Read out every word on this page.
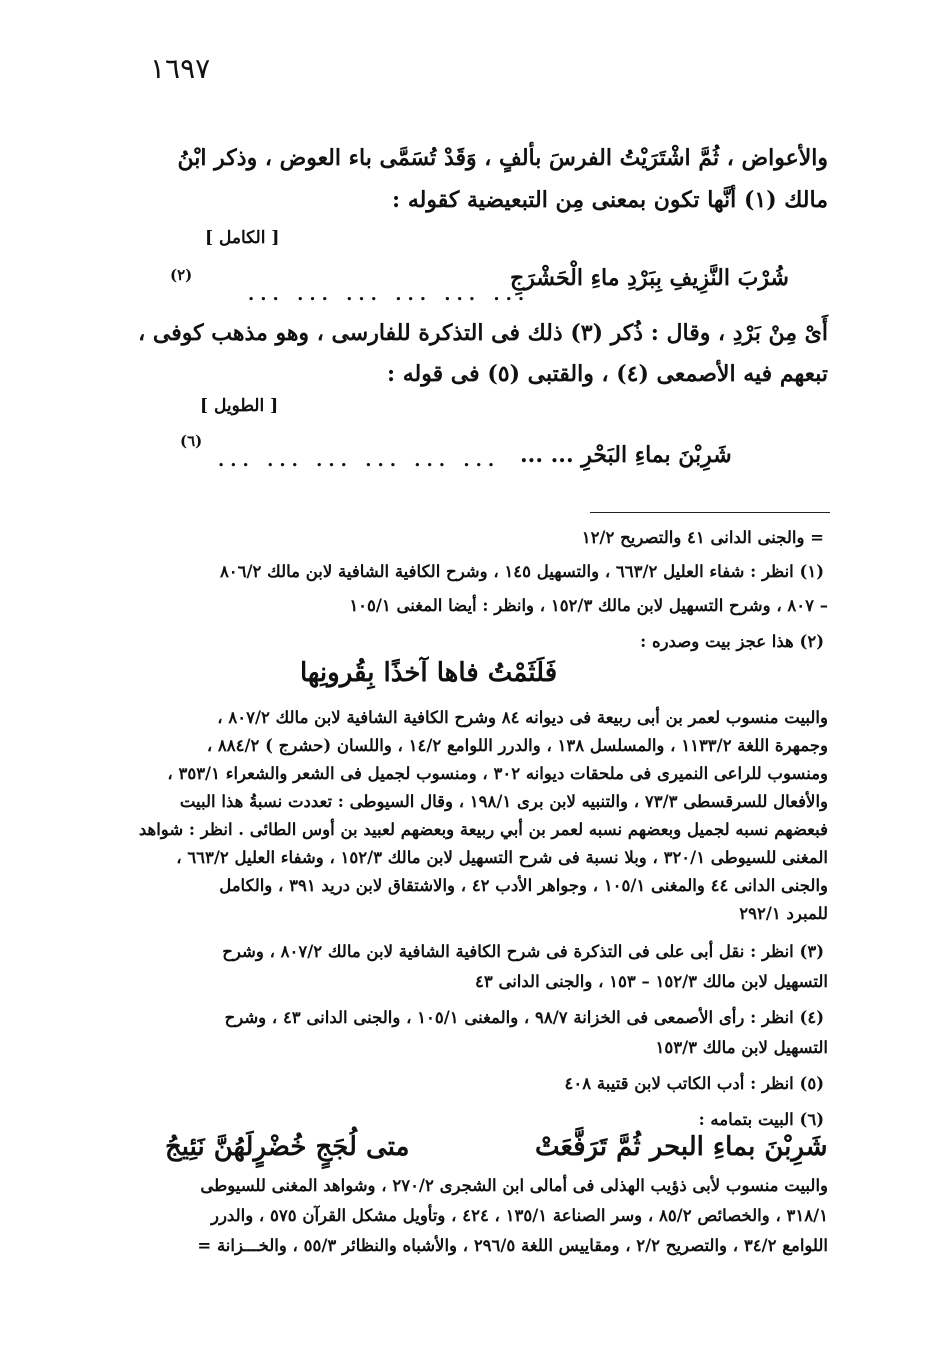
١٦٩٧
والأعواض ، ثُمَّ اشْتَرَيْتُ الفرسَ بألفٍ ، وَقَدْ تُسَمَّى باء العوض ، وذكر ابْنُ
مالك (١) أنَّها تكون بمعنى مِن التبعيضية كقوله :
[ الكامل ]
شُرْبَ النَّزِيفِ بِبَرْدِ ماءِ الْحَشْرَجِ
(٢)
... ... ... ... ... ...
أَىْ مِنْ بَرْدِ ، وقال : ذُكر (٣) ذلك فى التذكرة للفارسى ، وهو مذهب كوفى ،
تبعهم فيه الأصمعى (٤) ، والقتبى (٥) فى قوله :
[ الطويل ]
شَرِبْنَ بماءِ البَحْرِ ... ...
... ... ... ... ... ...
(٦)
= والجنى الدانى ٤١ والتصريح ١٢/٢
(١) انظر : شفاء العليل ٦٦٣/٢ ، والتسهيل ١٤٥ ، وشرح الكافية الشافية لابن مالك ٨٠٦/٢
– ٨٠٧ ، وشرح التسهيل لابن مالك ١٥٢/٣ ، وانظر : أيضا المغنى ١٠٥/١
(٢) هذا عجز بيت وصدره :
فَلَثَمْتُ فاها آخذًا بِقُرونِها
والبيت منسوب لعمر بن أبى ربيعة فى ديوانه ٨٤ وشرح الكافية الشافية لابن مالك ٨٠٧/٢ ،
وجمهرة اللغة ١١٣٣/٢ ، والمسلسل ١٣٨ ، والدرر اللوامع ١٤/٢ ، واللسان (حشرج ) ٨٨٤/٢ ،
ومنسوب للراعى النميرى فى ملحقات ديوانه ٣٠٢ ، ومنسوب لجميل فى الشعر والشعراء ٣٥٣/١ ،
والأفعال للسرقسطى ٧٣/٣ ، والتنبيه لابن برى ١٩٨/١ ، وقال السيوطى : تعددت نسبةُ هذا البيت
فبعضهم نسبه لجميل وبعضهم نسبه لعمر بن أبي ربيعة وبعضهم لعبيد بن أوس الطائى . انظر : شواهد
المغنى للسيوطى ٣٢٠/١ ، وبلا نسبة فى شرح التسهيل لابن مالك ١٥٢/٣ ، وشفاء العليل ٦٦٣/٢ ،
والجنى الدانى ٤٤ والمغنى ١٠٥/١ ، وجواهر الأدب ٤٢ ، والاشتقاق لابن دريد ٣٩١ ، والكامل
للمبرد ٢٩٢/١
(٣) انظر : نقل أبى على فى التذكرة فى شرح الكافية الشافية لابن مالك ٨٠٧/٢ ، وشرح
التسهيل لابن مالك ١٥٢/٣ – ١٥٣ ، والجنى الدانى ٤٣
(٤) انظر : رأى الأصمعى فى الخزانة ٩٨/٧ ، والمغنى ١٠٥/١ ، والجنى الدانى ٤٣ ، وشرح
التسهيل لابن مالك ١٥٣/٣
(٥) انظر : أدب الكاتب لابن قتيبة ٤٠٨
(٦) البيت بتمامه :
شَرِبْنَ بماءِ البحر ثُمَّ تَرَفَّعَتْ
متى لُجَجٍ خُضْرٍلَهُنَّ نَئِيجُ
والبيت منسوب لأبى ذؤيب الهذلى فى أمالى ابن الشجرى ٢٧٠/٢ ، وشواهد المغنى للسيوطى
٣١٨/١ ، والخصائص ٨٥/٢ ، وسر الصناعة ١٣٥/١ ، ٤٢٤ ، وتأويل مشكل القرآن ٥٧٥ ، والدرر
اللوامع ٣٤/٢ ، والتصريح ٢/٢ ، ومقاييس اللغة ٢٩٦/٥ ، والأشباه والنظائر ٥٥/٣ ، والخـــزانة =
